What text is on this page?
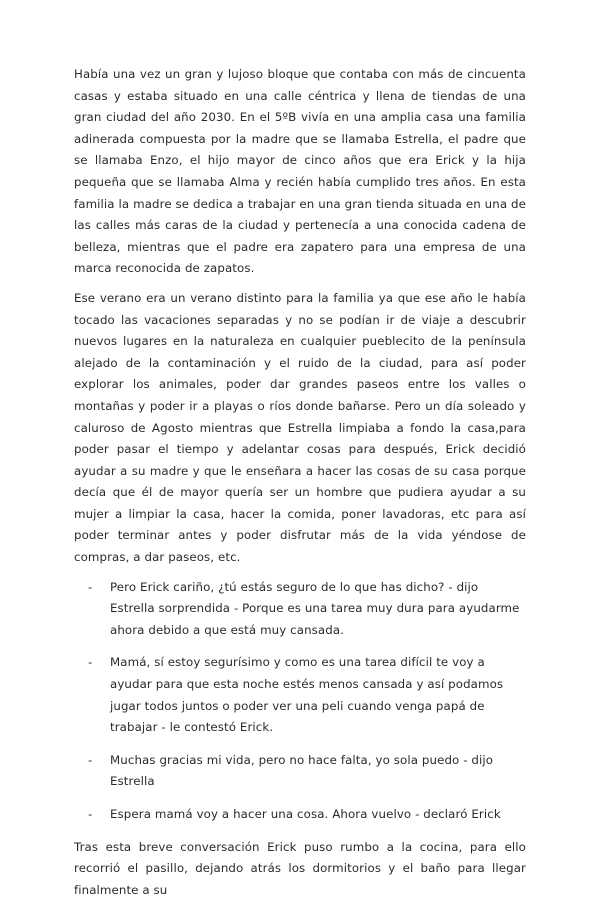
Había una vez un gran y lujoso bloque que contaba con más de cincuenta casas y estaba situado en una calle céntrica y llena de tiendas de una gran ciudad del año 2030. En el 5ºB vivía en una amplia casa una familia adinerada compuesta por la madre que se llamaba Estrella, el padre que se llamaba Enzo, el hijo mayor de cinco años que era Erick y la hija pequeña que se llamaba Alma y recién había cumplido tres años. En esta familia la madre se dedica a trabajar en una gran tienda situada en una de las calles más caras de la ciudad y pertenecía a una conocida cadena de belleza, mientras que el padre era zapatero para una empresa de una marca reconocida de zapatos.

Ese verano era un verano distinto para la familia ya que ese año le había tocado las vacaciones separadas y no se podían ir de viaje a descubrir nuevos lugares en la naturaleza en cualquier pueblecito de la península alejado de la contaminación y el ruido de la ciudad, para así poder explorar los animales, poder dar grandes paseos entre los valles o montañas y poder ir a playas o ríos donde bañarse. Pero un día soleado y caluroso de Agosto mientras que Estrella limpiaba a fondo la casa,para poder pasar el tiempo y adelantar cosas para después, Erick decidió ayudar a su madre y que le enseñara a hacer las cosas de su casa porque decía que él de mayor quería ser un hombre que pudiera ayudar a su mujer a limpiar la casa, hacer la comida, poner lavadoras, etc para así poder terminar antes y poder disfrutar más de la vida yéndose de compras, a dar paseos, etc.

- Pero Erick cariño, ¿tú estás seguro de lo que has dicho? - dijo Estrella sorprendida - Porque es una tarea muy dura para ayudarme ahora debido a que está muy cansada.
- Mamá, sí estoy segurísimo y como es una tarea difícil te voy a ayudar para que esta noche estés menos cansada y así podamos jugar todos juntos o poder ver una peli cuando venga papá de trabajar - le contestó Erick.
- Muchas gracias mi vida, pero no hace falta, yo sola puedo - dijo Estrella
- Espera mamá voy a hacer una cosa. Ahora vuelvo - declaró Erick

Tras esta breve conversación Erick puso rumbo a la cocina, para ello recorrió el pasillo, dejando atrás los dormitorios y el baño para llegar finalmente a su
